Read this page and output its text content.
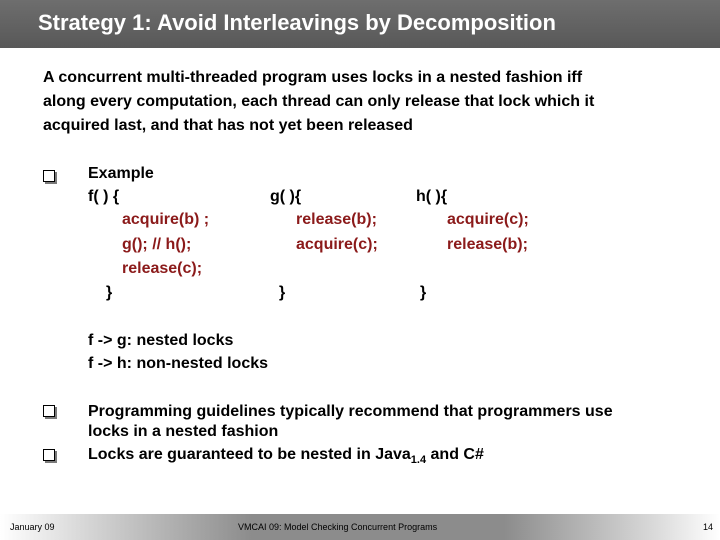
Strategy 1: Avoid Interleavings by Decomposition
A concurrent multi-threaded program uses locks in a nested fashion iff
along every computation, each thread can only release that lock which it
acquired last, and that has not yet been released
Example
f( ) {
acquire(b) ;
g(); // h();
release(c);
}
g( ){
release(b);
acquire(c);
}
h( ){
acquire(c);
release(b);
}
f -> g: nested locks
f -> h: non-nested locks
Programming guidelines typically recommend that programmers use
locks in a nested fashion
Locks are guaranteed to be nested in Java$_{1.4}$ and C#
January 09	VMCAI 09: Model Checking Concurrent Programs	14
